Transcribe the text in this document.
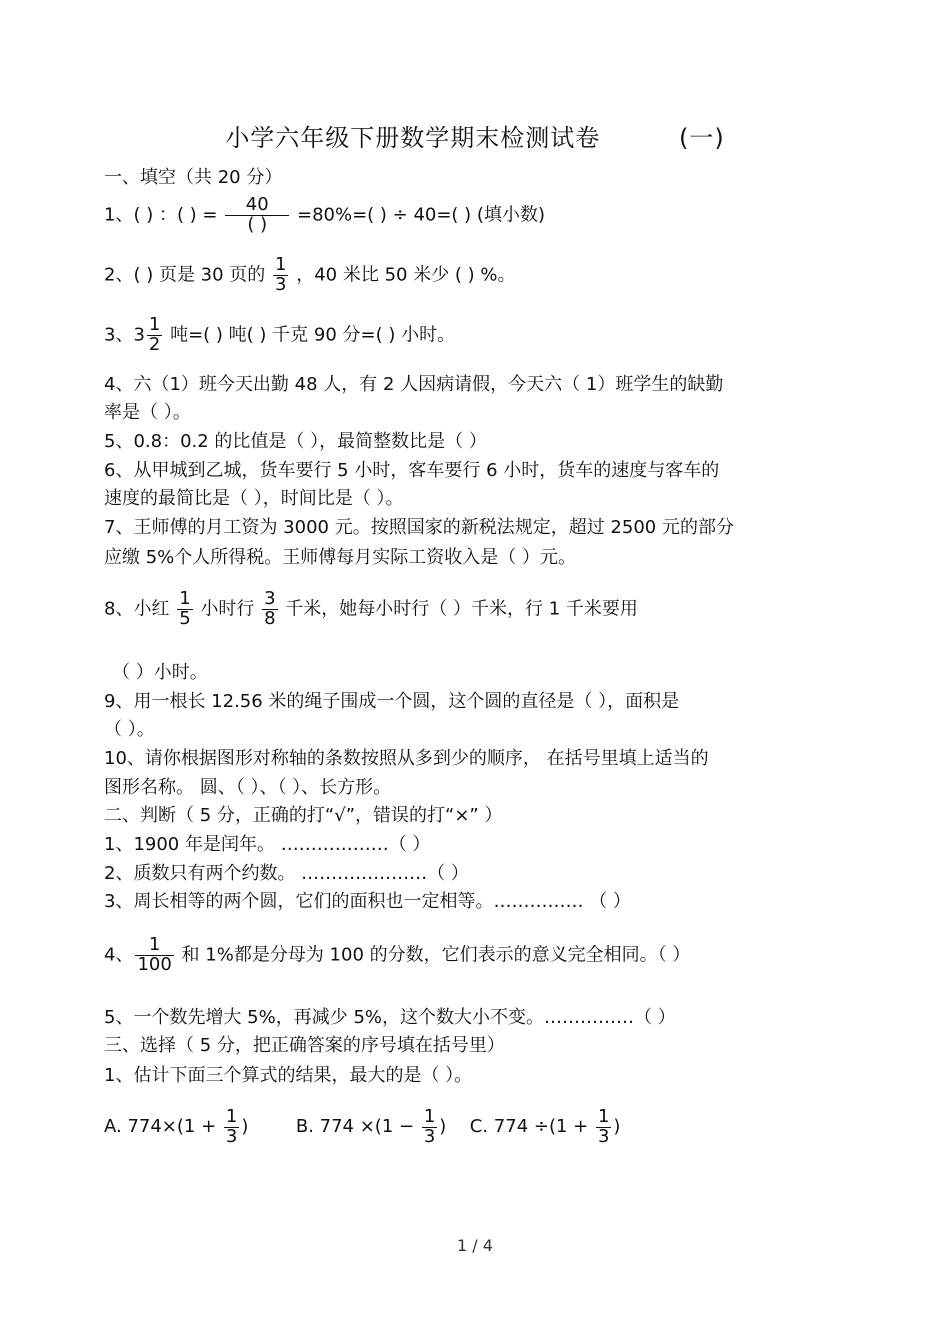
小学六年级下册数学期末检测试卷	(一)
一、填空（共 20 分）
1、( ) ：( ) = $\frac{40}{( )} =80\%=$( ) ÷ 40=( ) (填小数)
2、( ) 页是 30 页的 $\frac{1}{3}$ ，40 米比 50 米少 ( ) %。
3、$3 \frac{1}{2}$ 吨=( ) 吨( ) 千克 90 分=( ) 小时。
4、六（1）班今天出勤 48 人，有 2 人因病请假，今天六（ 1）班学生的缺勤
率是（ ）。
5、0.8：0.2 的比值是（ ），最简整数比是（ ）
6、从甲城到乙城，货车要行 5 小时，客车要行 6 小时，货车的速度与客车的
速度的最简比是（ ），时间比是（ ）。
7、王师傅的月工资为 3000 元。按照国家的新税法规定，超过 2500 元的部分
应缴 5%个人所得税。王师傅每月实际工资收入是（ ）元。
8、小红 $\frac{1}{5}$ 小时行 $\frac{3}{8}$ 千米，她每小时行（ ）千米，行 1 千米要用
（ ）小时。
9、用一根长 12.56 米的绳子围成一个圆，这个圆的直径是（ ），面积是
（ ）。
10、请你根据图形对称轴的条数按照从多到少的顺序， 在括号里填上适当的
图形名称。 圆、（ ）、（ ）、长方形。
二、判断（ 5 分，正确的打“√”，错误的打“×” ）
1、1900 年是闰年。 ………………（ ）
2、质数只有两个约数。 …………………（ ）
3、周长相等的两个圆，它们的面积也一定相等。…………… （ ）
4、 $\frac{1}{100}$ 和 1%都是分母为 100 的分数，它们表示的意义完全相同。（ ）
5、一个数先增大 5%，再减少 5%，这个数大小不变。……………（ ）
三、选择（ 5 分，把正确答案的序号填在括号里）
1、估计下面三个算式的结果，最大的是（ ）。
A. $774\times(1 + \frac{1}{3}$ )	B. $774 \times(1 - \frac{1}{3}$ ) C. $774 \div(1 + \frac{1}{3}$ )
1 / 4
